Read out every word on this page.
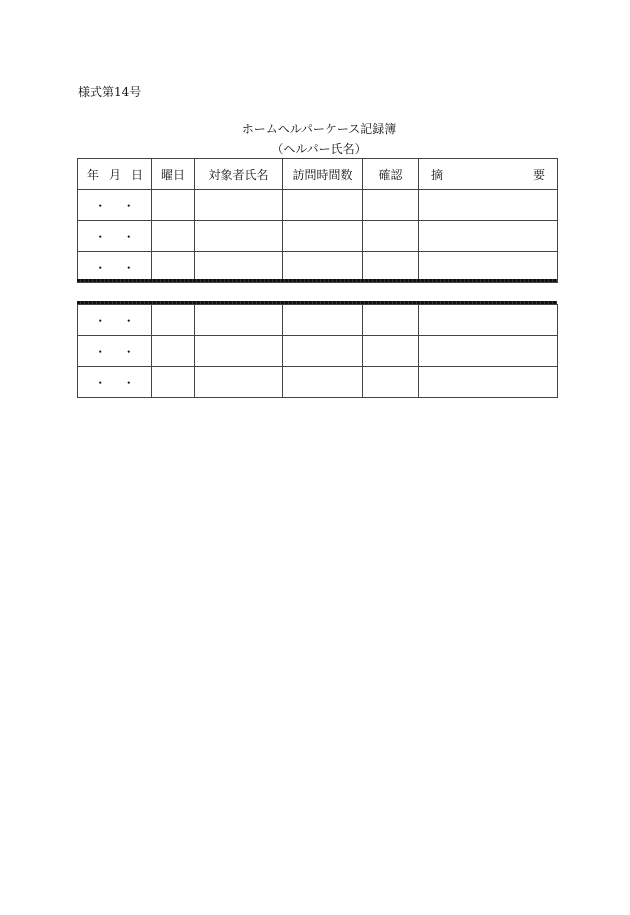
様式第14号
ホームヘルパーケース記録簿
（ヘルパー氏名）
年 月 日	曜日	対象者氏名	訪問時間数	確認	摘 要

・ ・					

・ ・					

・ ・					

・ ・					

・ ・					

・ ・					
